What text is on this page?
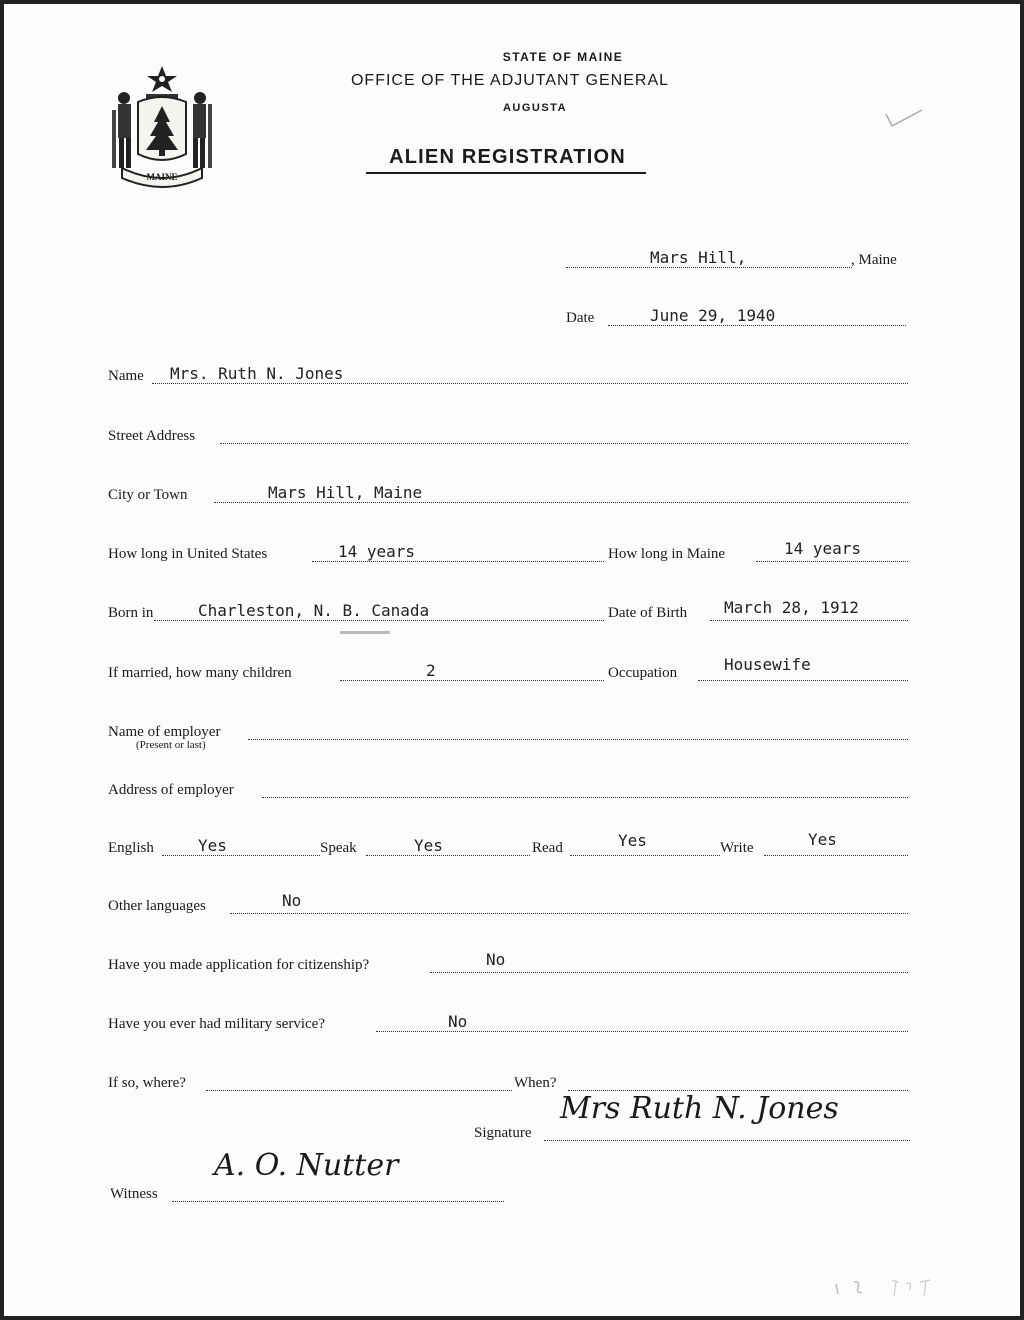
MAINE
STATE OF MAINE
OFFICE OF THE ADJUTANT GENERAL
AUGUSTA
ALIEN REGISTRATION
Mars Hill,	, Maine
Date	June 29, 1940
Name Mrs. Ruth N. Jones
Street Address
City or Town	Mars Hill, Maine
How long in United States	14 years	How long in Maine	14 years
Born in	Charleston, N. B. Canada	Date of Birth March 28, 1912
If married, how many children	2	Occupation	Housewife
Name of employer
(Present or last)
Address of employer
English	Yes	Speak	Yes	Read	Yes	Write	Yes
Other languages	No
Have you made application for citizenship?	No
Have you ever had military service?	No
If so, where?	When?
Signature
Mrs Ruth N. Jones
Witness
A. O. Nutter
